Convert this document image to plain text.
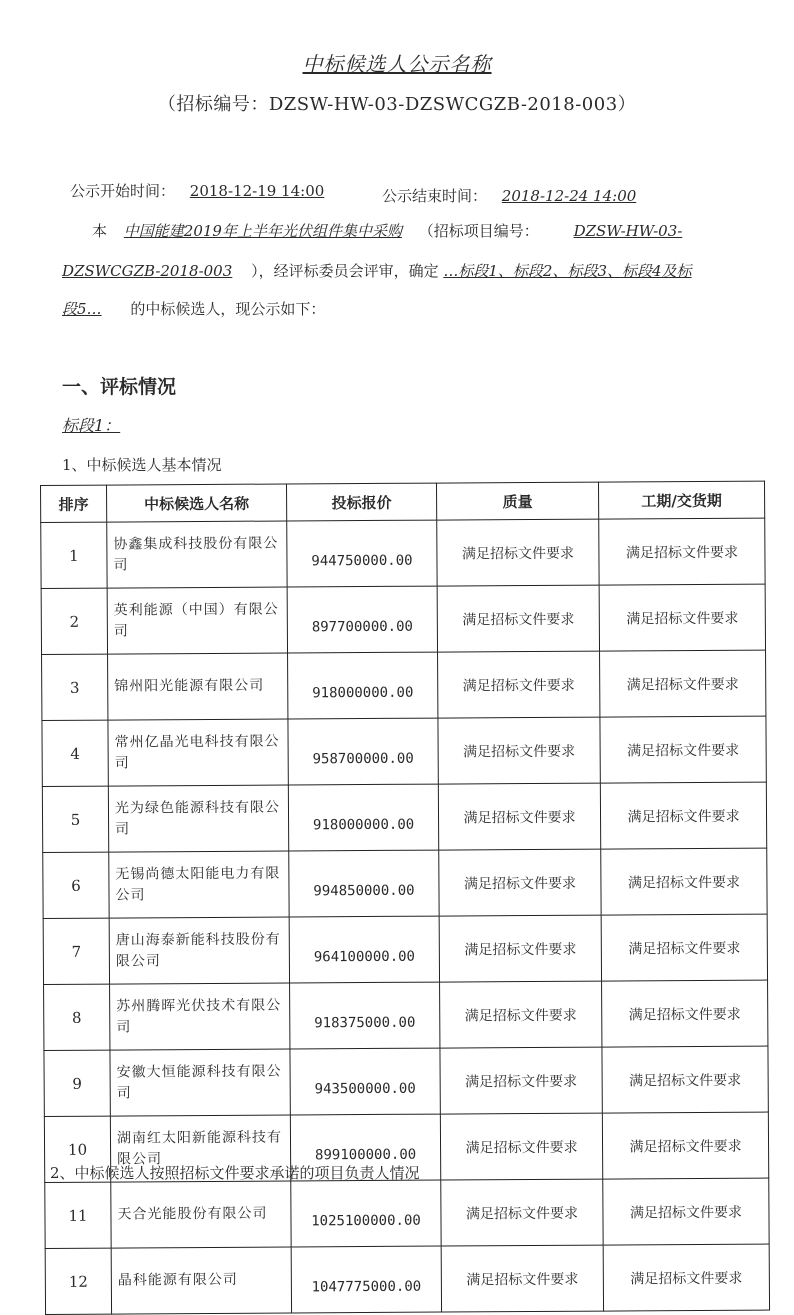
中标候选人公示名称
（招标编号：DZSW-HW-03-DZSWCGZB-2018-003）
公示开始时间： 2018-12-19 14:00	公示结束时间： 2018-12-24 14:00
本 中国能建2019年上半年光伏组件集中采购 （招标项目编号： DZSW-HW-03-
DZSWCGZB-2018-003 ），经评标委员会评审，确定 …标段1、标段2、标段3、标段4及标
段5… 的中标候选人，现公示如下：
一、评标情况
标段1：
1、中标候选人基本情况
排序	中标候选人名称	投标报价	质量	工期/交货期
1	协鑫集成科技股份有限公司	944750000.00	满足招标文件要求	满足招标文件要求
2	英利能源（中国）有限公司	897700000.00	满足招标文件要求	满足招标文件要求
3	锦州阳光能源有限公司	918000000.00	满足招标文件要求	满足招标文件要求
4	常州亿晶光电科技有限公司	958700000.00	满足招标文件要求	满足招标文件要求
5	光为绿色能源科技有限公司	918000000.00	满足招标文件要求	满足招标文件要求
6	无锡尚德太阳能电力有限公司	994850000.00	满足招标文件要求	满足招标文件要求
7	唐山海泰新能科技股份有限公司	964100000.00	满足招标文件要求	满足招标文件要求
8	苏州腾晖光伏技术有限公司	918375000.00	满足招标文件要求	满足招标文件要求
9	安徽大恒能源科技有限公司	943500000.00	满足招标文件要求	满足招标文件要求
10	湖南红太阳新能源科技有限公司	899100000.00	满足招标文件要求	满足招标文件要求
11	天合光能股份有限公司	1025100000.00	满足招标文件要求	满足招标文件要求
12	晶科能源有限公司	1047775000.00	满足招标文件要求	满足招标文件要求
2、中标候选人按照招标文件要求承诺的项目负责人情况
